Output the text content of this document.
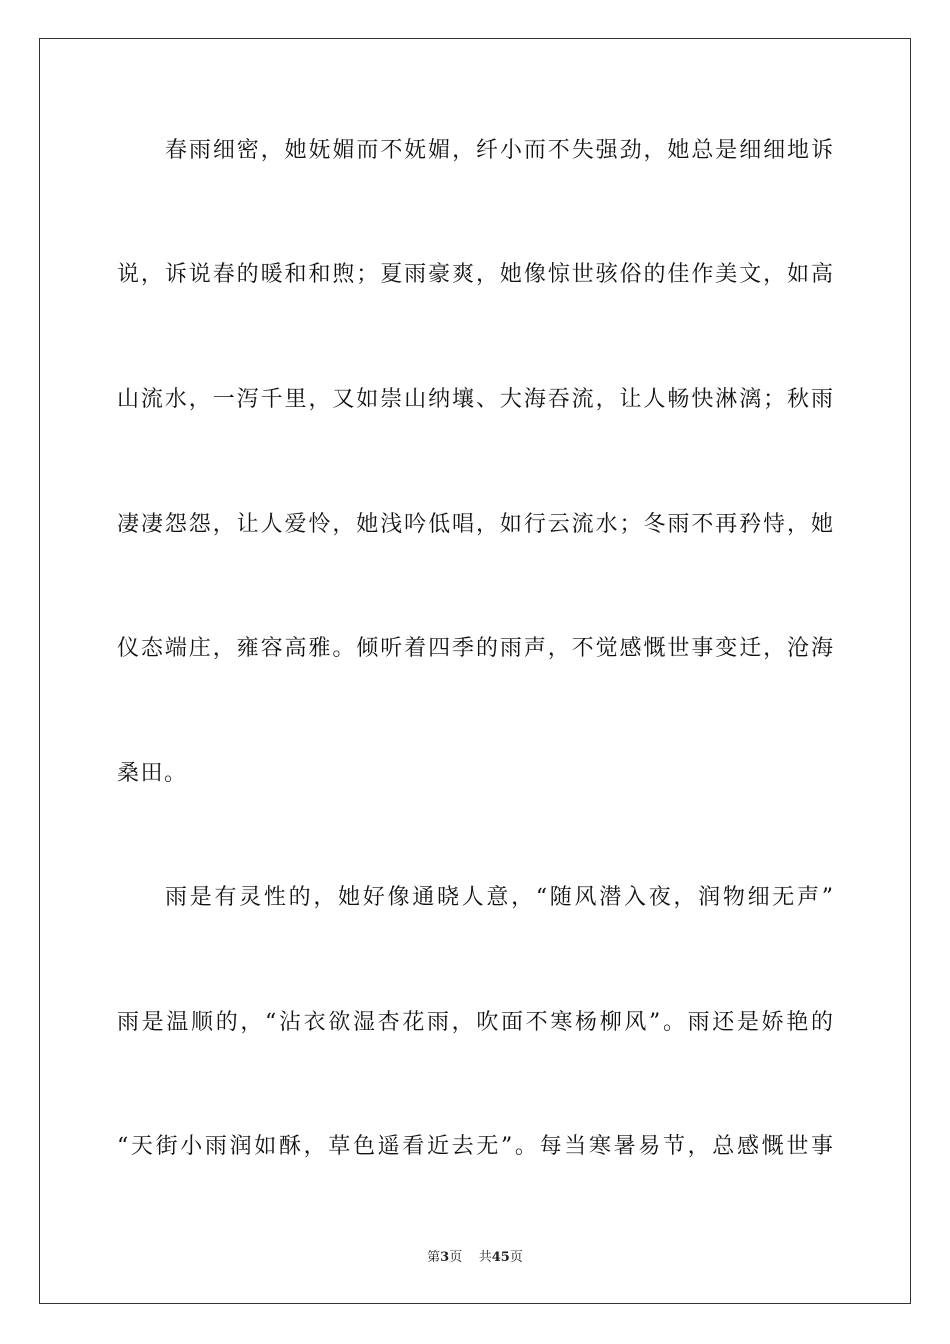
春雨细密，她妩媚而不妩媚，纤小而不失强劲，她总是细细地诉
说，诉说春的暖和和煦；夏雨豪爽，她像惊世骇俗的佳作美文，如高
山流水，一泻千里，又如崇山纳壤、大海吞流，让人畅快淋漓；秋雨
凄凄怨怨，让人爱怜，她浅吟低唱，如行云流水；冬雨不再矜恃，她
仪态端庄，雍容高雅。倾听着四季的雨声，不觉感慨世事变迁，沧海
桑田。
雨是有灵性的，她好像通晓人意，“随风潜入夜，润物细无声”
雨是温顺的，“沾衣欲湿杏花雨，吹面不寒杨柳风”。雨还是娇艳的
“天街小雨润如酥，草色遥看近去无”。每当寒暑易节，总感慨世事
第3页 共45页
